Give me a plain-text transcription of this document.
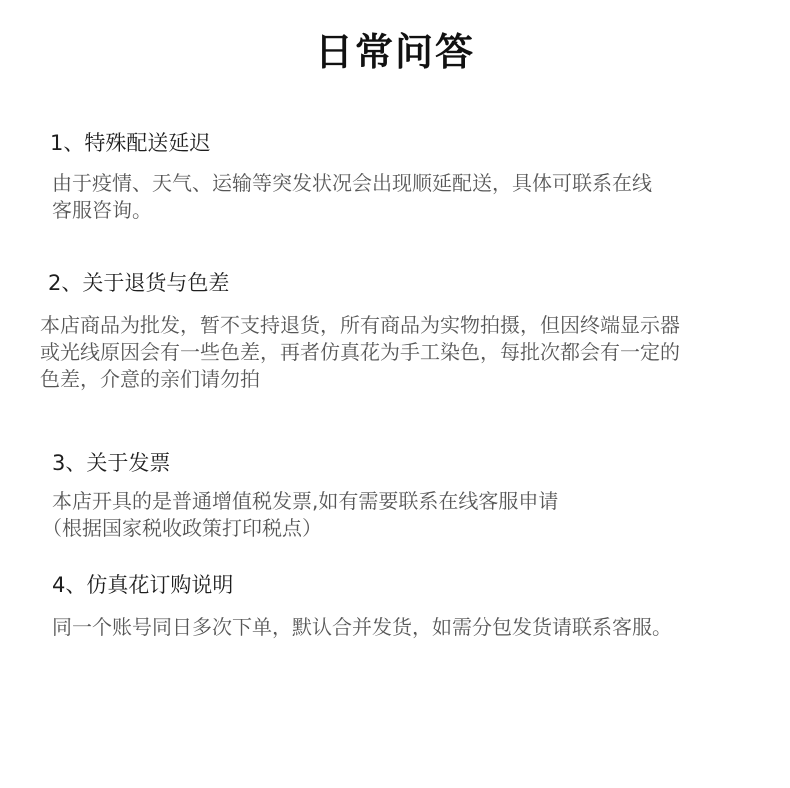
日常问答
1、特殊配送延迟
由于疫情、天气、运输等突发状况会出现顺延配送，具体可联系在线
客服咨询。
2、关于退货与色差
本店商品为批发，暂不支持退货，所有商品为实物拍摄，但因终端显示器
或光线原因会有一些色差，再者仿真花为手工染色，每批次都会有一定的
色差，介意的亲们请勿拍
3、关于发票
本店开具的是普通增值税发票,如有需要联系在线客服申请
（根据国家税收政策打印税点）
4、仿真花订购说明
同一个账号同日多次下单，默认合并发货，如需分包发货请联系客服。
